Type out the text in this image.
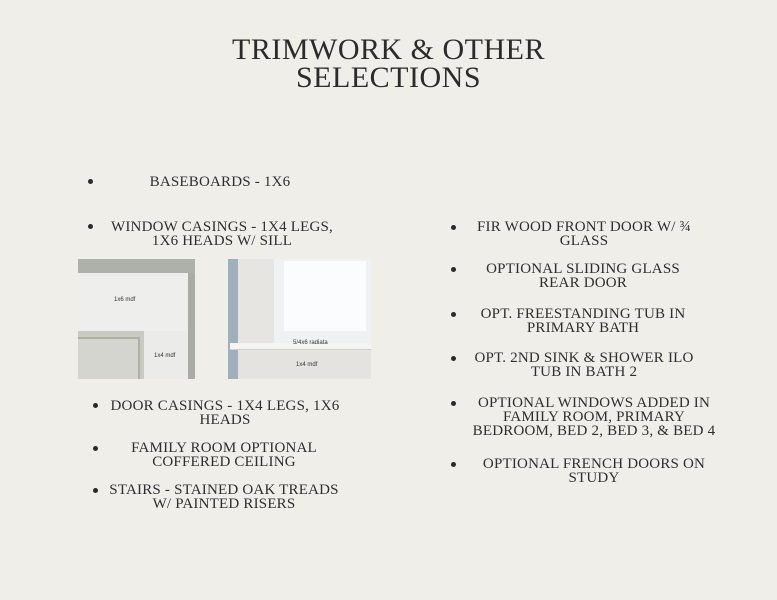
TRIMWORK & OTHER
SELECTIONS
BASEBOARDS - 1X6
WINDOW CASINGS - 1X4 LEGS,
1X6 HEADS W/ SILL
1x6 mdf
1x4 mdf
5/4x6 radiata
1x4 mdf
DOOR CASINGS - 1X4 LEGS, 1X6
HEADS
FAMILY ROOM OPTIONAL
COFFERED CEILING
STAIRS - STAINED OAK TREADS
W/ PAINTED RISERS
FIR WOOD FRONT DOOR W/ ¾
GLASS
OPTIONAL SLIDING GLASS
REAR DOOR
OPT. FREESTANDING TUB IN
PRIMARY BATH
OPT. 2ND SINK & SHOWER ILO
TUB IN BATH 2
OPTIONAL WINDOWS ADDED IN
FAMILY ROOM, PRIMARY
BEDROOM, BED 2, BED 3, & BED 4
OPTIONAL FRENCH DOORS ON
STUDY
